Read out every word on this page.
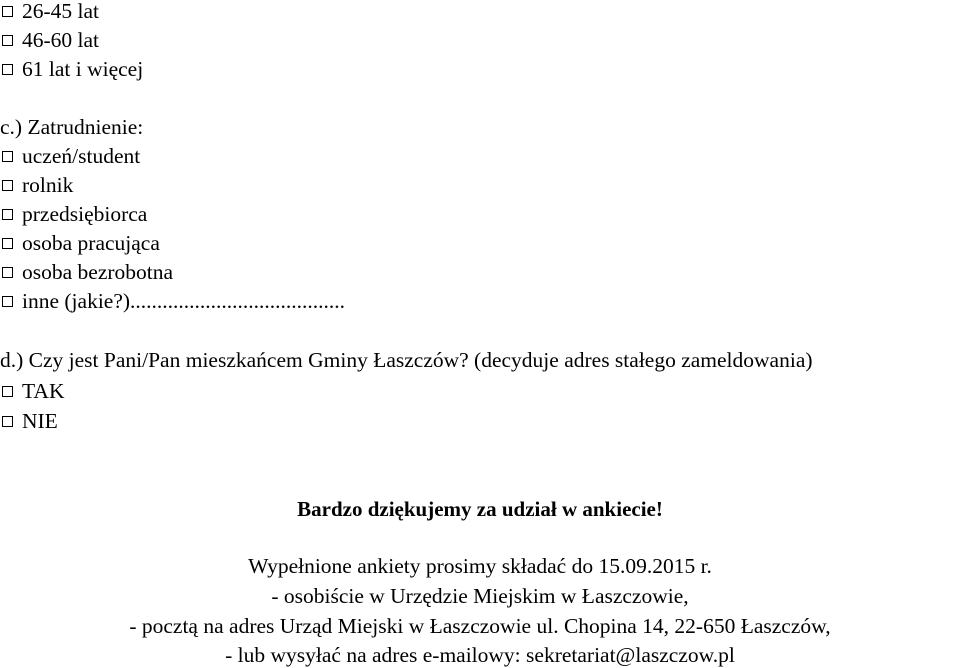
26-45 lat
46-60 lat
61 lat i więcej
c.) Zatrudnienie:
uczeń/student
rolnik
przedsiębiorca
osoba pracująca
osoba bezrobotna
inne (jakie?)........................................
d.) Czy jest Pani/Pan mieszkańcem Gminy Łaszczów? (decyduje adres stałego zameldowania)
TAK
NIE
Bardzo dziękujemy za udział w ankiecie!
Wypełnione ankiety prosimy składać do 15.09.2015 r.
- osobiście w Urzędzie Miejskim w Łaszczowie,
- pocztą na adres Urząd Miejski w Łaszczowie ul. Chopina 14, 22-650 Łaszczów,
- lub wysyłać na adres e-mailowy: sekretariat@laszczow.pl
